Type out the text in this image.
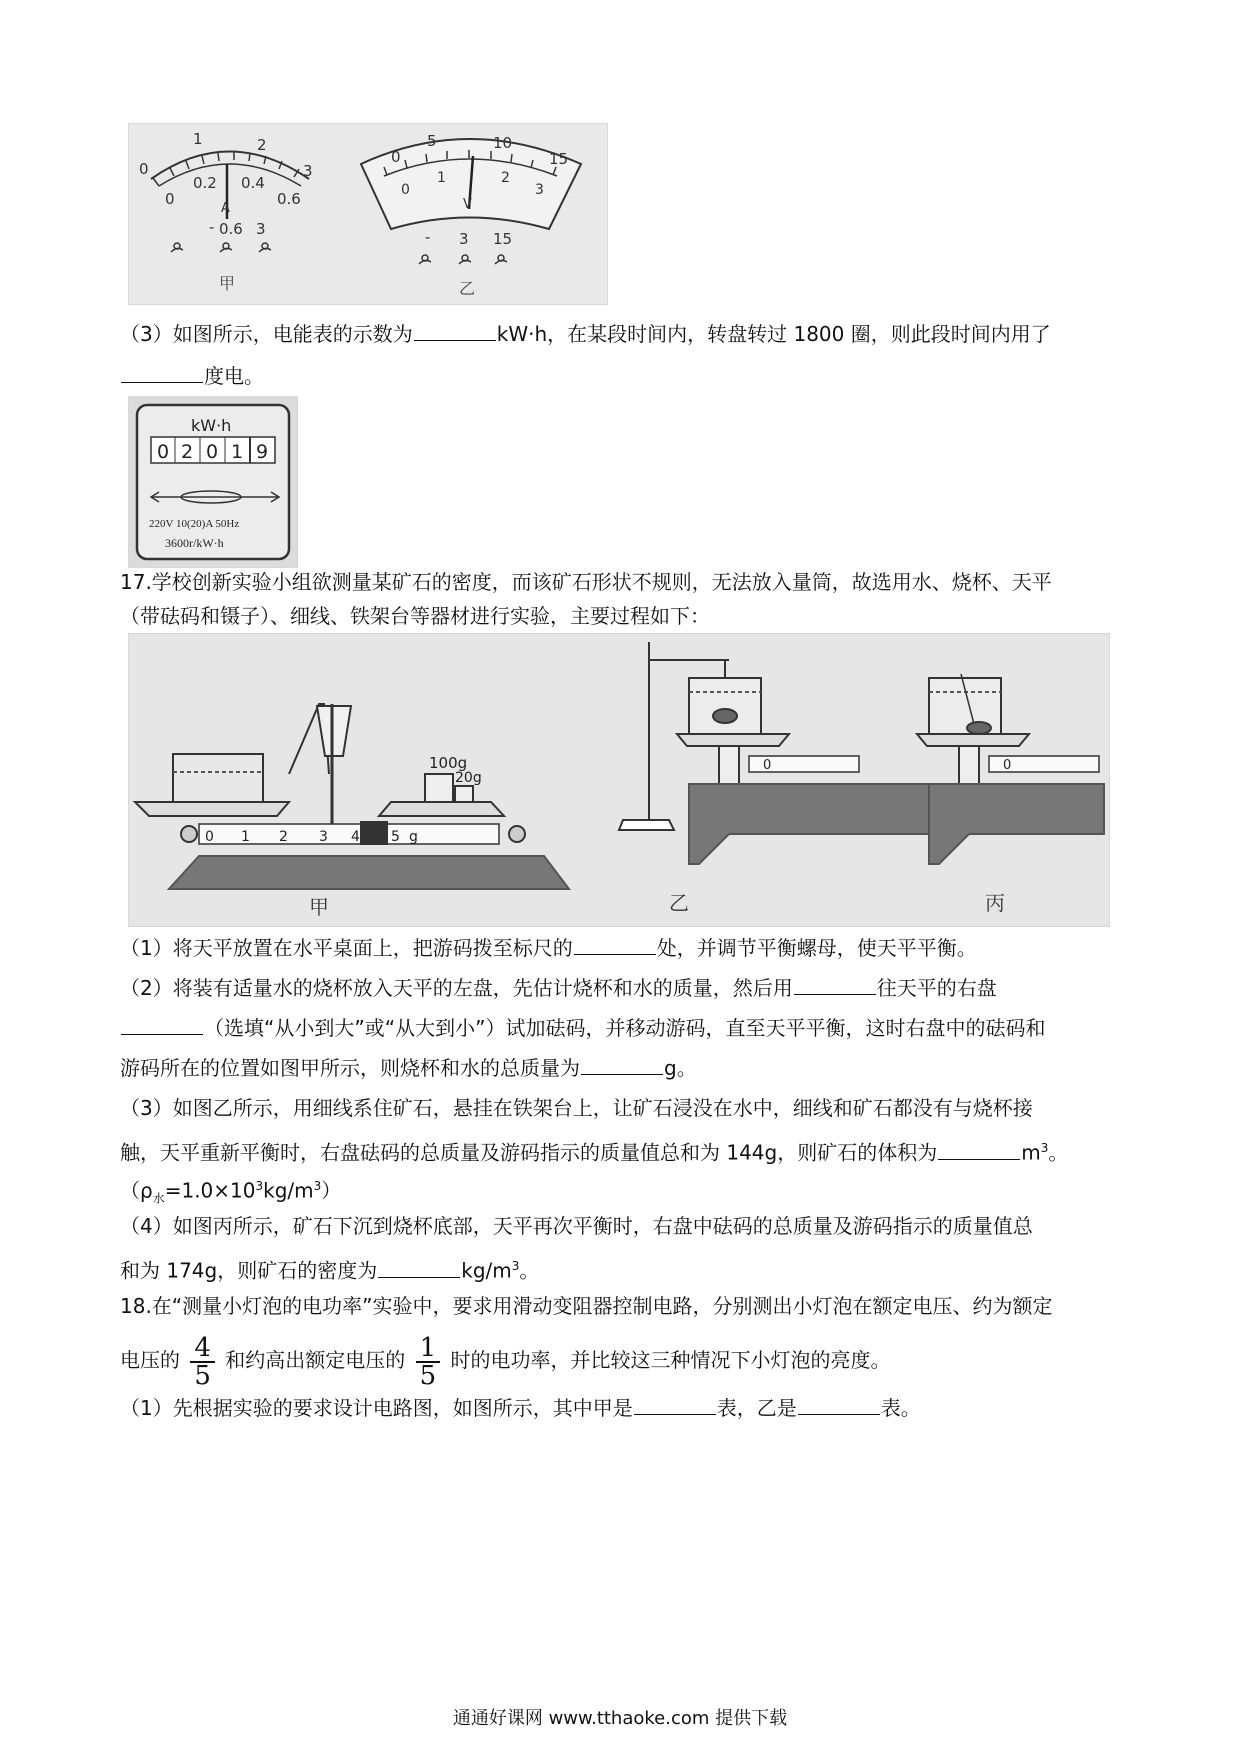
0
1	2
3
0
0.2 0.4
0.6
A
- 0.6 3
甲
0
5	10
15
0
1	2
3
V
- 3 15
乙
（3）如图所示，电能表的示数为	kW·h，在某段时间内，转盘转过 1800 圈，则此段时间内用了
度电。
kW·h
0 2 0 1 9
220V 10(20)A 50Hz
3600r/kW·h
17.学校创新实验小组欲测量某矿石的密度，而该矿石形状不规则，无法放入量筒，故选用水、烧杯、天平
（带砝码和镊子）、细线、铁架台等器材进行实验，主要过程如下：
100g
20g
0 1 2 3 4 5 g
甲
0
乙
0
丙
（1）将天平放置在水平桌面上，把游码拨至标尺的	处，并调节平衡螺母，使天平平衡。
（2）将装有适量水的烧杯放入天平的左盘，先估计烧杯和水的质量，然后用	往天平的右盘
（选填“从小到大”或“从大到小”）试加砝码，并移动游码，直至天平平衡，这时右盘中的砝码和
游码所在的位置如图甲所示，则烧杯和水的总质量为	g。
（3）如图乙所示，用细线系住矿石，悬挂在铁架台上，让矿石浸没在水中，细线和矿石都没有与烧杯接
触，天平重新平衡时，右盘砝码的总质量及游码指示的质量值总和为 144g，则矿石的体积为	$m^3$。
$(\rho_水=1.0\times 10^3kg/m^3)$
（4）如图丙所示，矿石下沉到烧杯底部，天平再次平衡时，右盘中砝码的总质量及游码指示的质量值总
和为 174g，则矿石的密度为	$kg/m^3$。
18.在“测量小灯泡的电功率”实验中，要求用滑动变阻器控制电路，分别测出小灯泡在额定电压、约为额定
电压的 $\frac{4}{5}$ 和约高出额定电压的 $\frac{1}{5}$ 时的电功率，并比较这三种情况下小灯泡的亮度。
（1）先根据实验的要求设计电路图，如图所示，其中甲是	表，乙是	表。
通通好课网 www.tthaoke.com 提供下载
